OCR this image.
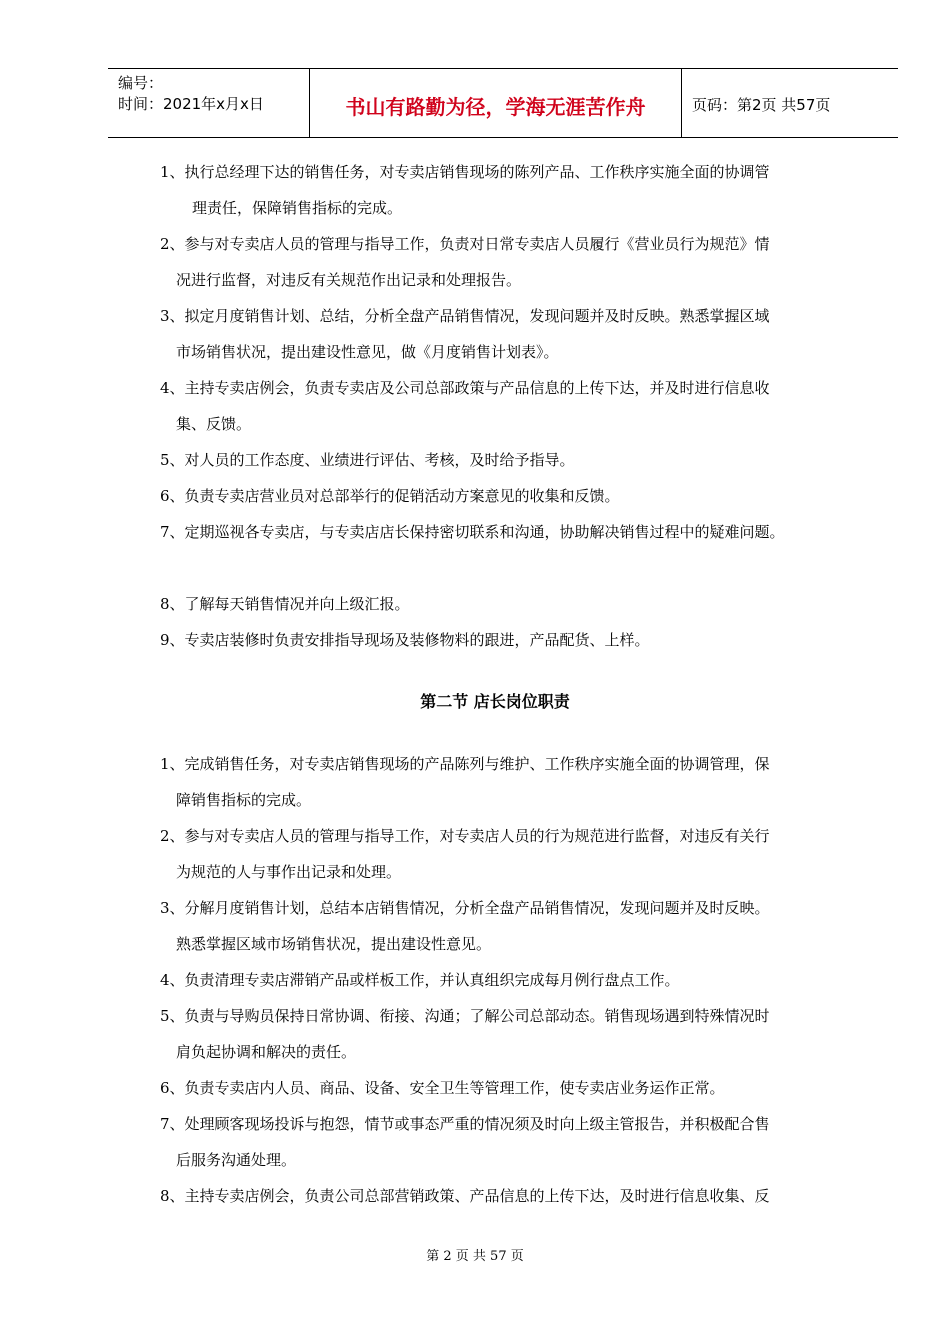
编号：
时间：2021年x月x日	书山有路勤为径，学海无涯苦作舟	页码：第2页 共57页
1、执行总经理下达的销售任务，对专卖店销售现场的陈列产品、工作秩序实施全面的协调管
理责任，保障销售指标的完成。
2、参与对专卖店人员的管理与指导工作，负责对日常专卖店人员履行《营业员行为规范》情
况进行监督，对违反有关规范作出记录和处理报告。
3、拟定月度销售计划、总结，分析全盘产品销售情况，发现问题并及时反映。熟悉掌握区域
市场销售状况，提出建设性意见，做《月度销售计划表》。
4、主持专卖店例会，负责专卖店及公司总部政策与产品信息的上传下达，并及时进行信息收
集、反馈。
5、对人员的工作态度、业绩进行评估、考核，及时给予指导。
6、负责专卖店营业员对总部举行的促销活动方案意见的收集和反馈。
7、定期巡视各专卖店，与专卖店店长保持密切联系和沟通，协助解决销售过程中的疑难问题。
8、了解每天销售情况并向上级汇报。
9、专卖店装修时负责安排指导现场及装修物料的跟进，产品配货、上样。
第二节 店长岗位职责
1、完成销售任务，对专卖店销售现场的产品陈列与维护、工作秩序实施全面的协调管理，保
障销售指标的完成。
2、参与对专卖店人员的管理与指导工作，对专卖店人员的行为规范进行监督，对违反有关行
为规范的人与事作出记录和处理。
3、分解月度销售计划，总结本店销售情况，分析全盘产品销售情况，发现问题并及时反映。
熟悉掌握区域市场销售状况，提出建设性意见。
4、负责清理专卖店滞销产品或样板工作，并认真组织完成每月例行盘点工作。
5、负责与导购员保持日常协调、衔接、沟通；了解公司总部动态。销售现场遇到特殊情况时
肩负起协调和解决的责任。
6、负责专卖店内人员、商品、设备、安全卫生等管理工作，使专卖店业务运作正常。
7、处理顾客现场投诉与抱怨，情节或事态严重的情况须及时向上级主管报告，并积极配合售
后服务沟通处理。
8、主持专卖店例会，负责公司总部营销政策、产品信息的上传下达，及时进行信息收集、反
第 2 页 共 57 页
